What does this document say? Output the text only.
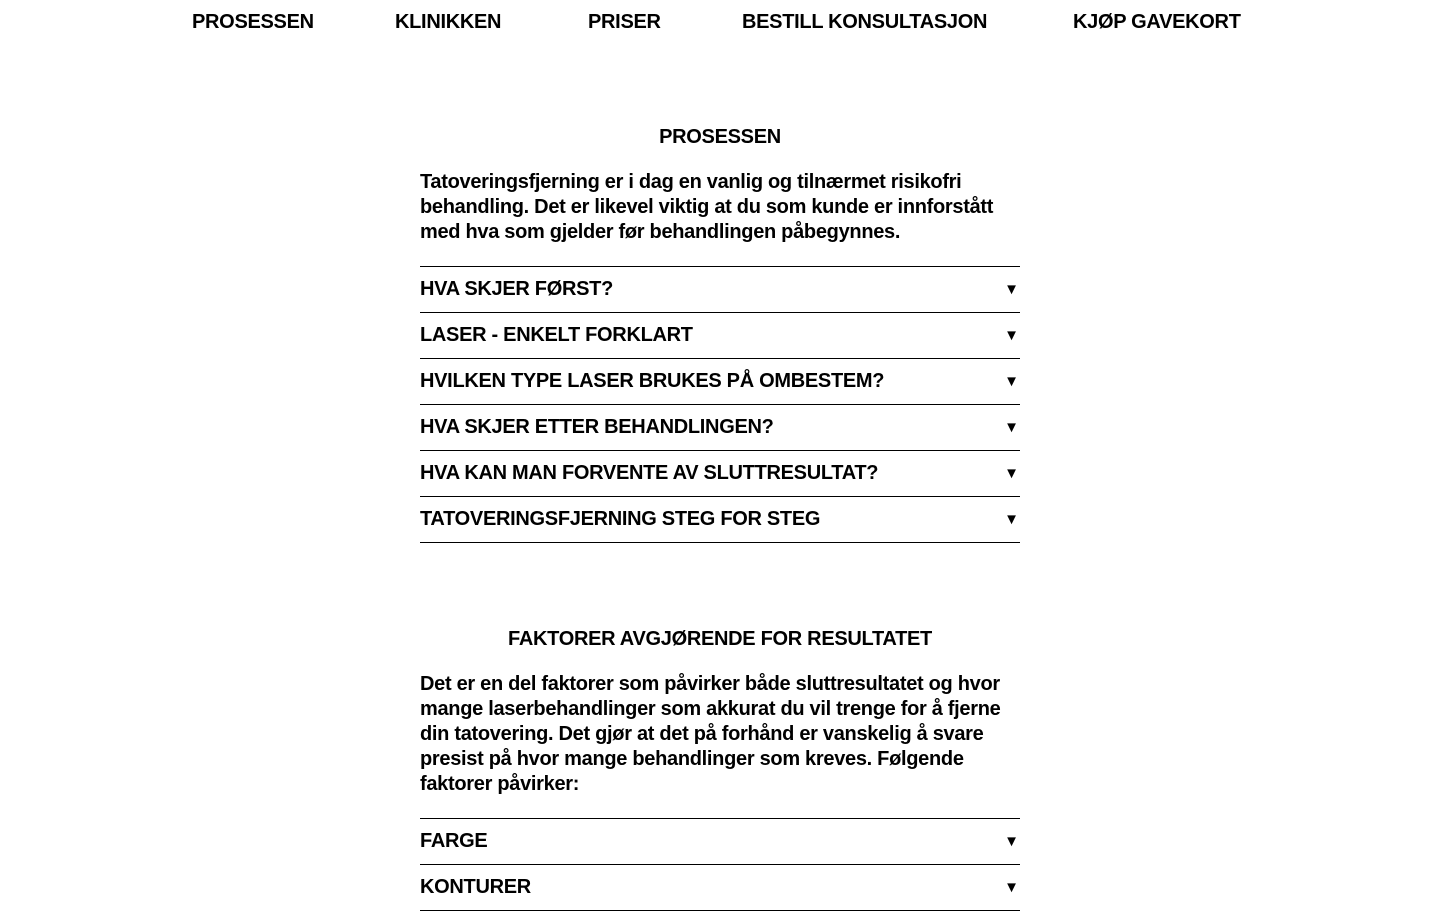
PROSESSEN	KLINIKKEN	PRISER	BESTILL KONSULTASJON	KJØP GAVEKORT
PROSESSEN

Tatoveringsfjerning er i dag en vanlig og tilnærmet risikofri behandling. Det er likevel viktig at du som kunde er innforstått med hva som gjelder før behandlingen påbegynnes.

HVA SKJER FØRST?	▼
LASER - ENKELT FORKLART	▼
HVILKEN TYPE LASER BRUKES PÅ OMBESTEM?	▼
HVA SKJER ETTER BEHANDLINGEN?	▼
HVA KAN MAN FORVENTE AV SLUTTRESULTAT?	▼
TATOVERINGSFJERNING STEG FOR STEG	▼
FAKTORER AVGJØRENDE FOR RESULTATET

Det er en del faktorer som påvirker både sluttresultatet og hvor mange laserbehandlinger som akkurat du vil trenge for å fjerne din tatovering. Det gjør at det på forhånd er vanskelig å svare presist på hvor mange behandlinger som kreves. Følgende faktorer påvirker:

FARGE	▼
KONTURER	▼
